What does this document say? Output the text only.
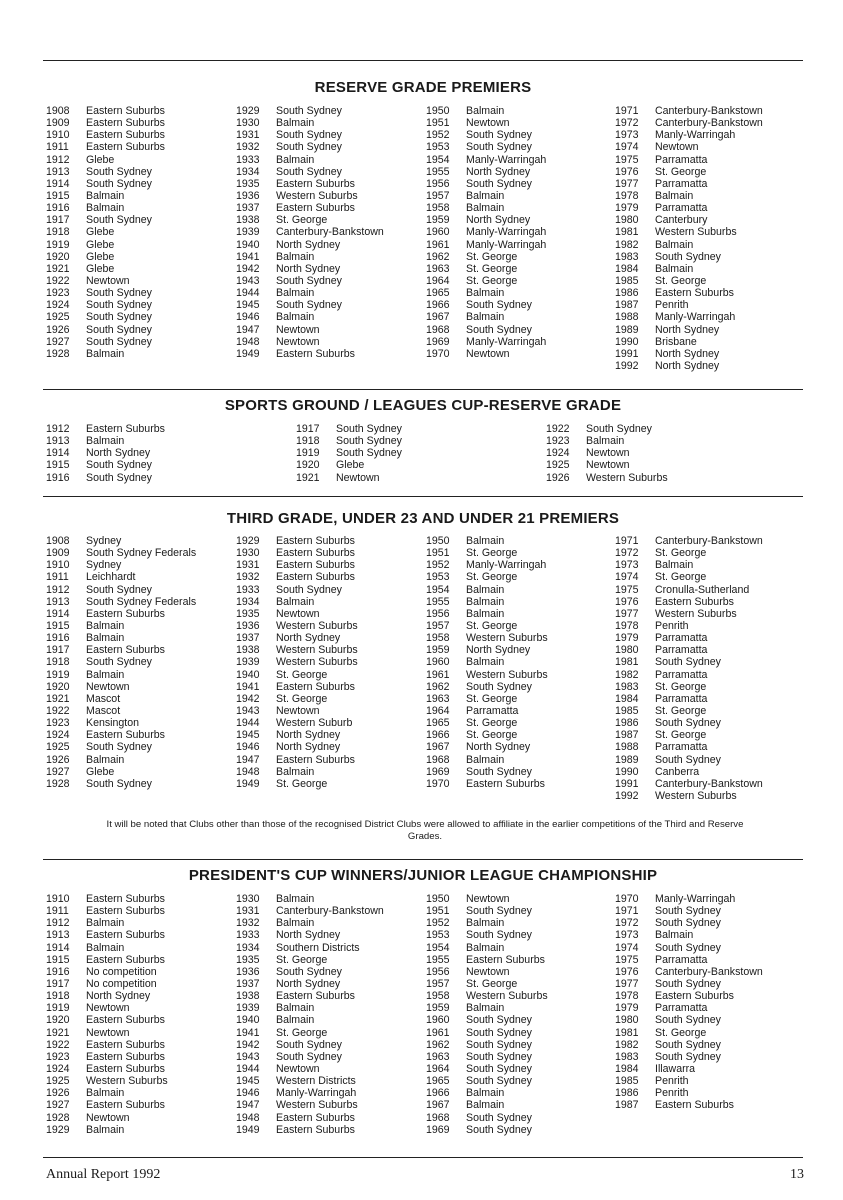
RESERVE GRADE PREMIERS
1908	Eastern Suburbs
1909	Eastern Suburbs
1910	Eastern Suburbs
1911	Eastern Suburbs
1912	Glebe
1913	South Sydney
1914	South Sydney
1915	Balmain
1916	Balmain
1917	South Sydney
1918	Glebe
1919	Glebe
1920	Glebe
1921	Glebe
1922	Newtown
1923	South Sydney
1924	South Sydney
1925	South Sydney
1926	South Sydney
1927	South Sydney
1928	Balmain
1929	South Sydney
1930	Balmain
1931	South Sydney
1932	South Sydney
1933	Balmain
1934	South Sydney
1935	Eastern Suburbs
1936	Western Suburbs
1937	Eastern Suburbs
1938	St. George
1939	Canterbury-Bankstown
1940	North Sydney
1941	Balmain
1942	North Sydney
1943	South Sydney
1944	Balmain
1945	South Sydney
1946	Balmain
1947	Newtown
1948	Newtown
1949	Eastern Suburbs
1950	Balmain
1951	Newtown
1952	South Sydney
1953	South Sydney
1954	Manly-Warringah
1955	North Sydney
1956	South Sydney
1957	Balmain
1958	Balmain
1959	North Sydney
1960	Manly-Warringah
1961	Manly-Warringah
1962	St. George
1963	St. George
1964	St. George
1965	Balmain
1966	South Sydney
1967	Balmain
1968	South Sydney
1969	Manly-Warringah
1970	Newtown
1971	Canterbury-Bankstown
1972	Canterbury-Bankstown
1973	Manly-Warringah
1974	Newtown
1975	Parramatta
1976	St. George
1977	Parramatta
1978	Balmain
1979	Parramatta
1980	Canterbury
1981	Western Suburbs
1982	Balmain
1983	South Sydney
1984	Balmain
1985	St. George
1986	Eastern Suburbs
1987	Penrith
1988	Manly-Warringah
1989	North Sydney
1990	Brisbane
1991	North Sydney
1992	North Sydney
SPORTS GROUND / LEAGUES CUP-RESERVE GRADE
1912	Eastern Suburbs
1913	Balmain
1914	North Sydney
1915	South Sydney
1916	South Sydney
1917	South Sydney
1918	South Sydney
1919	South Sydney
1920	Glebe
1921	Newtown
1922	South Sydney
1923	Balmain
1924	Newtown
1925	Newtown
1926	Western Suburbs
THIRD GRADE, UNDER 23 AND UNDER 21 PREMIERS
1908	Sydney
1909	South Sydney Federals
1910	Sydney
1911	Leichhardt
1912	South Sydney
1913	South Sydney Federals
1914	Eastern Suburbs
1915	Balmain
1916	Balmain
1917	Eastern Suburbs
1918	South Sydney
1919	Balmain
1920	Newtown
1921	Mascot
1922	Mascot
1923	Kensington
1924	Eastern Suburbs
1925	South Sydney
1926	Balmain
1927	Glebe
1928	South Sydney
1929	Eastern Suburbs
1930	Eastern Suburbs
1931	Eastern Suburbs
1932	Eastern Suburbs
1933	South Sydney
1934	Balmain
1935	Newtown
1936	Western Suburbs
1937	North Sydney
1938	Western Suburbs
1939	Western Suburbs
1940	St. George
1941	Eastern Suburbs
1942	St. George
1943	Newtown
1944	Western Suburb
1945	North Sydney
1946	North Sydney
1947	Eastern Suburbs
1948	Balmain
1949	St. George
1950	Balmain
1951	St. George
1952	Manly-Warringah
1953	St. George
1954	Balmain
1955	Balmain
1956	Balmain
1957	St. George
1958	Western Suburbs
1959	North Sydney
1960	Balmain
1961	Western Suburbs
1962	South Sydney
1963	St. George
1964	Parramatta
1965	St. George
1966	St. George
1967	North Sydney
1968	Balmain
1969	South Sydney
1970	Eastern Suburbs
1971	Canterbury-Bankstown
1972	St. George
1973	Balmain
1974	St. George
1975	Cronulla-Sutherland
1976	Eastern Suburbs
1977	Western Suburbs
1978	Penrith
1979	Parramatta
1980	Parramatta
1981	South Sydney
1982	Parramatta
1983	St. George
1984	Parramatta
1985	St. George
1986	South Sydney
1987	St. George
1988	Parramatta
1989	South Sydney
1990	Canberra
1991	Canterbury-Bankstown
1992	Western Suburbs
It will be noted that Clubs other than those of the recognised District Clubs were allowed to affiliate in the earlier competitions of the Third and Reserve
Grades.
PRESIDENT'S CUP WINNERS/JUNIOR LEAGUE CHAMPIONSHIP
1910	Eastern Suburbs
1911	Eastern Suburbs
1912	Balmain
1913	Eastern Suburbs
1914	Balmain
1915	Eastern Suburbs
1916	No competition
1917	No competition
1918	North Sydney
1919	Newtown
1920	Eastern Suburbs
1921	Newtown
1922	Eastern Suburbs
1923	Eastern Suburbs
1924	Eastern Suburbs
1925	Western Suburbs
1926	Balmain
1927	Eastern Suburbs
1928	Newtown
1929	Balmain
1930	Balmain
1931	Canterbury-Bankstown
1932	Balmain
1933	North Sydney
1934	Southern Districts
1935	St. George
1936	South Sydney
1937	North Sydney
1938	Eastern Suburbs
1939	Balmain
1940	Balmain
1941	St. George
1942	South Sydney
1943	South Sydney
1944	Newtown
1945	Western Districts
1946	Manly-Warringah
1947	Western Suburbs
1948	Eastern Suburbs
1949	Eastern Suburbs
1950	Newtown
1951	South Sydney
1952	Balmain
1953	South Sydney
1954	Balmain
1955	Eastern Suburbs
1956	Newtown
1957	St. George
1958	Western Suburbs
1959	Balmain
1960	South Sydney
1961	South Sydney
1962	South Sydney
1963	South Sydney
1964	South Sydney
1965	South Sydney
1966	Balmain
1967	Balmain
1968	South Sydney
1969	South Sydney
1970	Manly-Warringah
1971	South Sydney
1972	South Sydney
1973	Balmain
1974	South Sydney
1975	Parramatta
1976	Canterbury-Bankstown
1977	South Sydney
1978	Eastern Suburbs
1979	Parramatta
1980	South Sydney
1981	St. George
1982	South Sydney
1983	South Sydney
1984	Illawarra
1985	Penrith
1986	Penrith
1987	Eastern Suburbs
Annual Report 1992	13
